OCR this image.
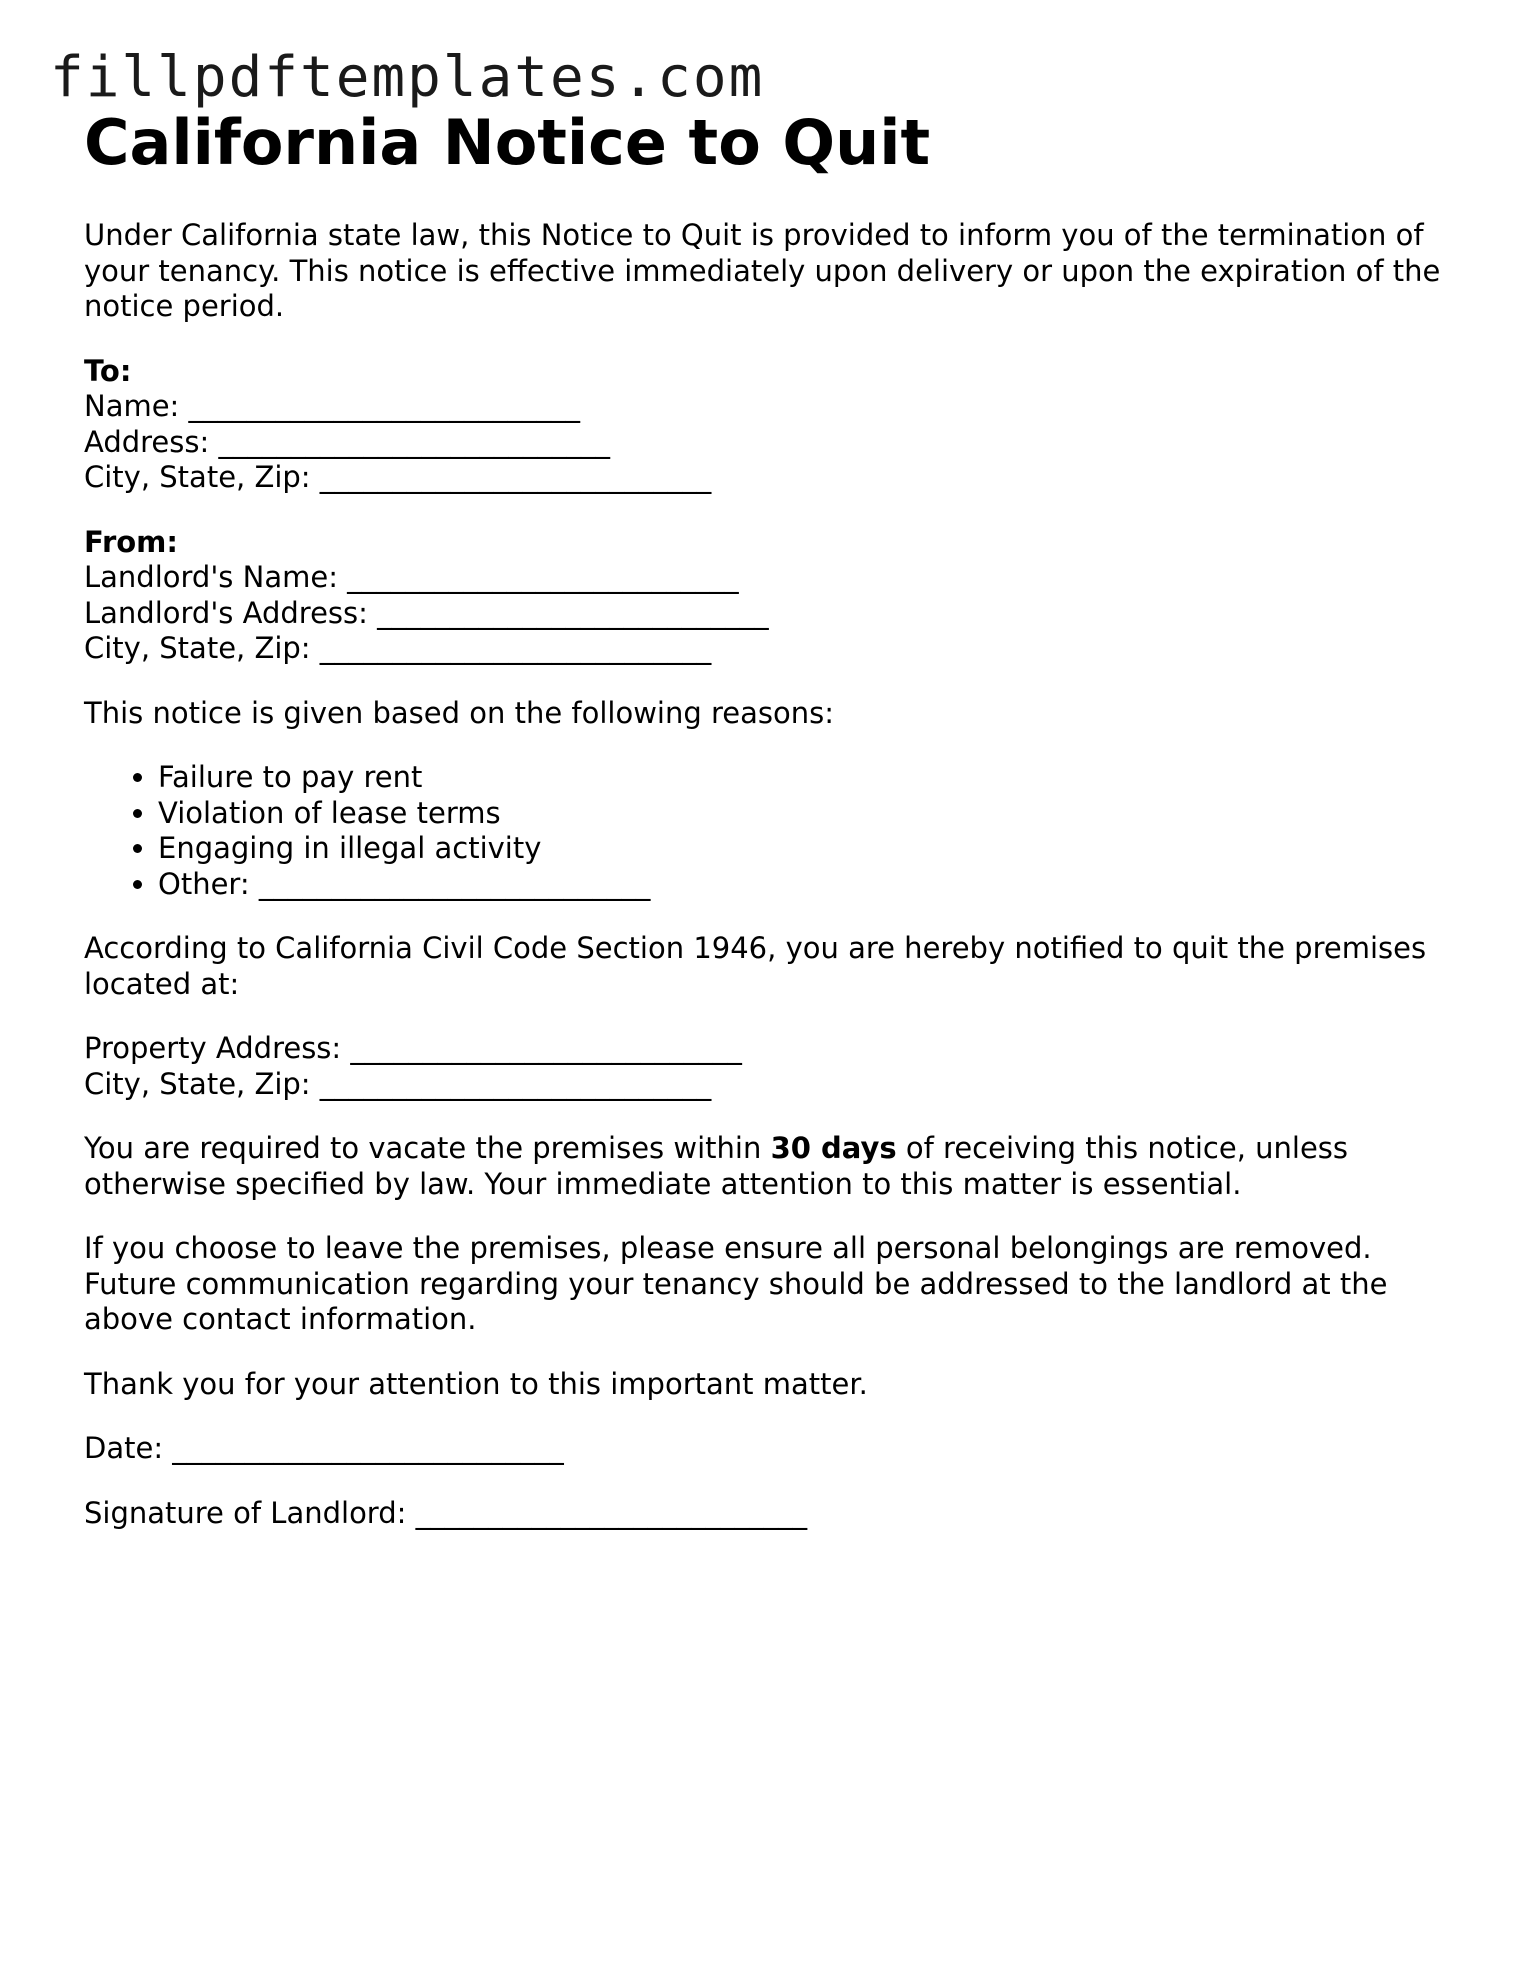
fillpdftemplates.com
California Notice to Quit

Under California state law, this Notice to Quit is provided to inform you of the termination of your tenancy. This notice is effective immediately upon delivery or upon the expiration of the notice period.

To:
Name: ___________________________
Address: ___________________________
City, State, Zip: ___________________________
From:
Landlord's Name: ___________________________
Landlord's Address: ___________________________
City, State, Zip: ___________________________

This notice is given based on the following reasons:

• Failure to pay rent
• Violation of lease terms
• Engaging in illegal activity
• Other: ___________________________

According to California Civil Code Section 1946, you are hereby notified to quit the premises located at:

Property Address: ___________________________
City, State, Zip: ___________________________

You are required to vacate the premises within 30 days of receiving this notice, unless otherwise specified by law. Your immediate attention to this matter is essential.

If you choose to leave the premises, please ensure all personal belongings are removed. Future communication regarding your tenancy should be addressed to the landlord at the above contact information.

Thank you for your attention to this important matter.

Date: ___________________________

Signature of Landlord: ___________________________
